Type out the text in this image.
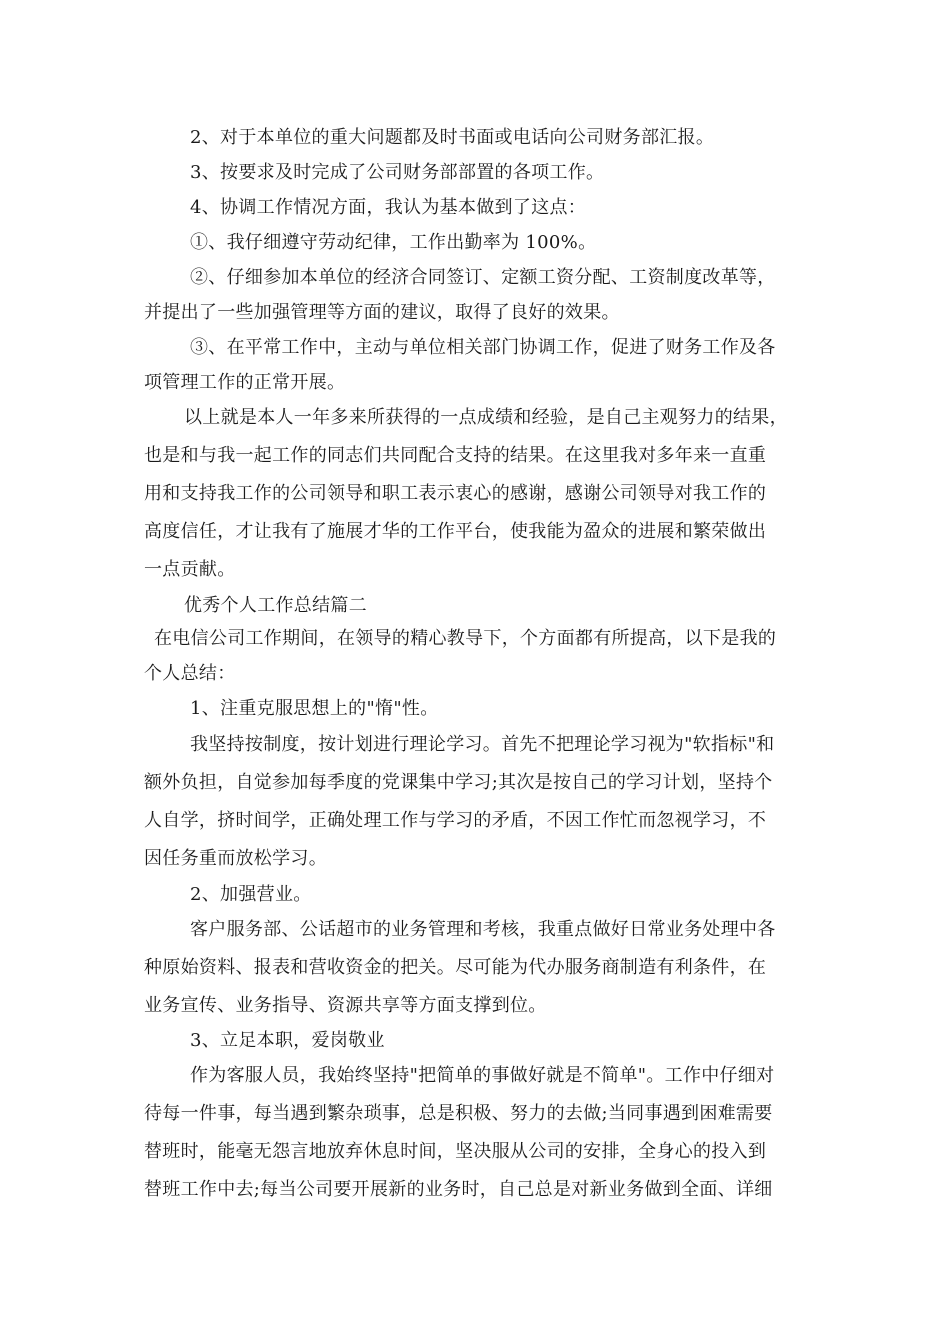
2、对于本单位的重大问题都及时书面或电话向公司财务部汇报。
3、按要求及时完成了公司财务部部置的各项工作。
4、协调工作情况方面，我认为基本做到了这点：
①、我仔细遵守劳动纪律，工作出勤率为 100%。
②、仔细参加本单位的经济合同签订、定额工资分配、工资制度改革等，
并提出了一些加强管理等方面的建议，取得了良好的效果。
③、在平常工作中，主动与单位相关部门协调工作，促进了财务工作及各
项管理工作的正常开展。
以上就是本人一年多来所获得的一点成绩和经验，是自己主观努力的结果，
也是和与我一起工作的同志们共同配合支持的结果。在这里我对多年来一直重
用和支持我工作的公司领导和职工表示衷心的感谢，感谢公司领导对我工作的
高度信任，才让我有了施展才华的工作平台，使我能为盈众的进展和繁荣做出
一点贡献。
优秀个人工作总结篇二
在电信公司工作期间，在领导的精心教导下，个方面都有所提高，以下是我的
个人总结：
1、注重克服思想上的"惰"性。
我坚持按制度，按计划进行理论学习。首先不把理论学习视为"软指标"和
额外负担，自觉参加每季度的党课集中学习;其次是按自己的学习计划，坚持个
人自学，挤时间学，正确处理工作与学习的矛盾，不因工作忙而忽视学习，不
因任务重而放松学习。
2、加强营业。
客户服务部、公话超市的业务管理和考核，我重点做好日常业务处理中各
种原始资料、报表和营收资金的把关。尽可能为代办服务商制造有利条件，在
业务宣传、业务指导、资源共享等方面支撑到位。
3、立足本职，爱岗敬业
作为客服人员，我始终坚持"把简单的事做好就是不简单"。工作中仔细对
待每一件事，每当遇到繁杂琐事，总是积极、努力的去做;当同事遇到困难需要
替班时，能毫无怨言地放弃休息时间，坚决服从公司的安排，全身心的投入到
替班工作中去;每当公司要开展新的业务时，自己总是对新业务做到全面、详细
